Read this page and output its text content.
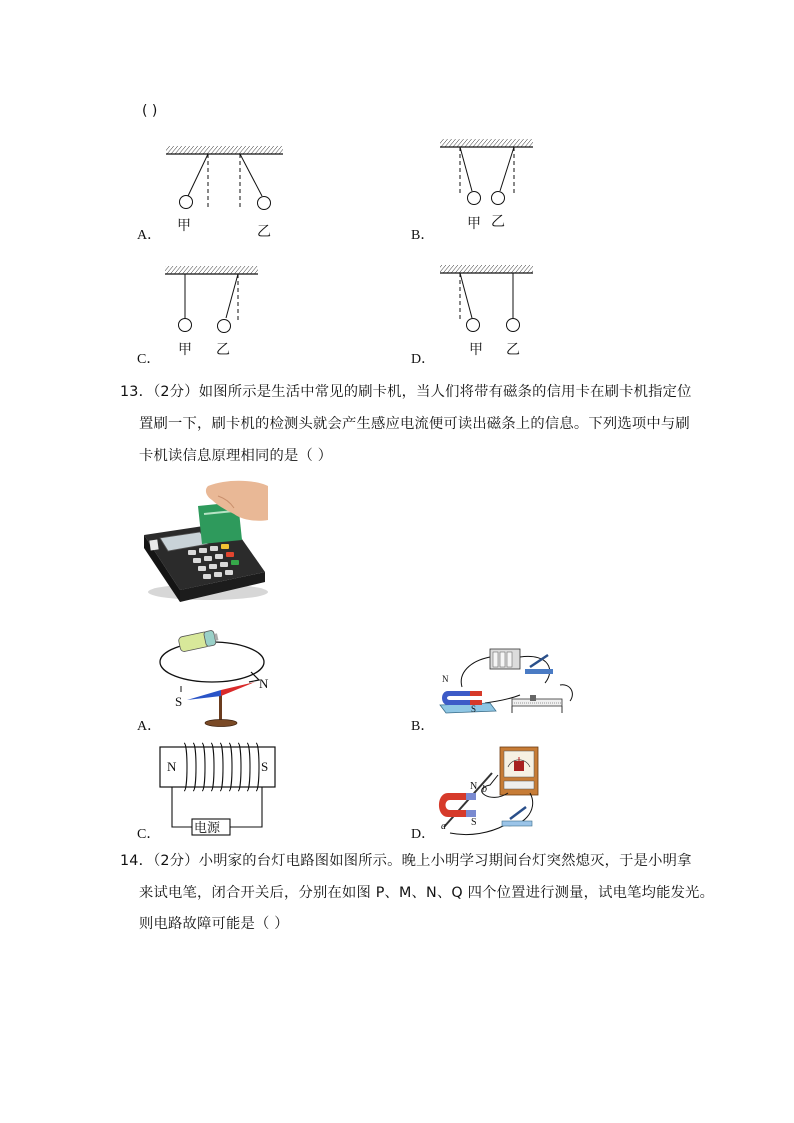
( )
A．
甲	乙	B．
甲 乙
C．
甲 乙
D．
甲 乙
13．（2分）如图所示是生活中常见的刷卡机，当人们将带有磁条的信用卡在刷卡机指定位
置刷一下，刷卡机的检测头就会产生感应电流便可读出磁条上的信息。下列选项中与刷
卡机读信息原理相同的是（ ）
S
N
A．
N
S
B．
N	S
电源
C．
N
S
a
b
D．
14．（2分）小明家的台灯电路图如图所示。晚上小明学习期间台灯突然熄灭，于是小明拿
来试电笔，闭合开关后，分别在如图 P、M、N、Q 四个位置进行测量，试电笔均能发光。
则电路故障可能是（ ）
